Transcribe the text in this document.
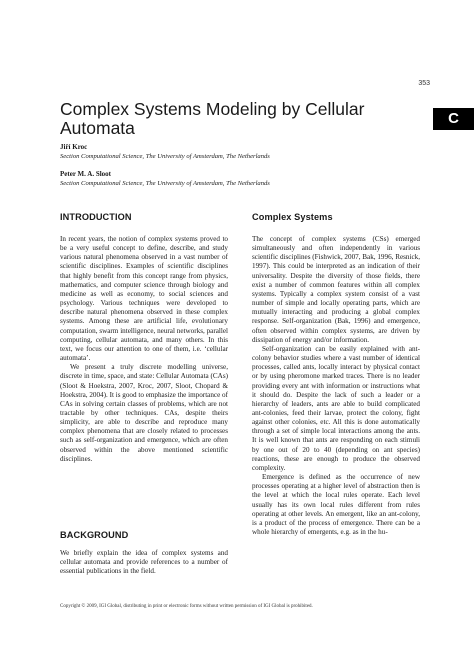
353
C
Complex Systems Modeling by Cellular Automata
Jiří Kroc
Section Computational Science, The University of Amsterdam, The Netherlands
Peter M. A. Sloot
Section Computational Science, The University of Amsterdam, The Netherlands
INTRODUCTION

In recent years, the notion of complex systems proved to be a very useful concept to define, describe, and study various natural phenomena observed in a vast number of scientific disciplines. Examples of scientific disciplines that highly benefit from this concept range from physics, mathematics, and computer science through biology and medicine as well as economy, to social sciences and psychology. Various techniques were developed to describe natural phenomena observed in these complex systems. Among these are artificial life, evolutionary computation, swarm intelligence, neural networks, parallel computing, cellular automata, and many others. In this text, we focus our attention to one of them, i.e. ‘cellular automata’.

We present a truly discrete modelling universe, discrete in time, space, and state: Cellular Automata (CAs) (Sloot & Hoekstra, 2007, Kroc, 2007, Sloot, Chopard & Hoekstra, 2004). It is good to emphasize the importance of CAs in solving certain classes of problems, which are not tractable by other techniques. CAs, despite theirs simplicity, are able to describe and reproduce many complex phenomena that are closely related to processes such as self-organization and emergence, which are often observed within the above mentioned scientific disciplines.

BACKGROUND

We briefly explain the idea of complex systems and cellular automata and provide references to a number of essential publications in the field.

Complex Systems

The concept of complex systems (CSs) emerged simultaneously and often independently in various scientific disciplines (Fishwick, 2007, Bak, 1996, Resnick, 1997). This could be interpreted as an indication of their universality. Despite the diversity of those fields, there exist a number of common features within all complex systems. Typically a complex system consist of a vast number of simple and locally operating parts, which are mutually interacting and producing a global complex response. Self-organization (Bak, 1996) and emergence, often observed within complex systems, are driven by dissipation of energy and/or information.

Self-organization can be easily explained with ant-colony behavior studies where a vast number of identical processes, called ants, locally interact by physical contact or by using pheromone marked traces. There is no leader providing every ant with information or instructions what it should do. Despite the lack of such a leader or a hierarchy of leaders, ants are able to build complicated ant-colonies, feed their larvae, protect the colony, fight against other colonies, etc. All this is done automatically through a set of simple local interactions among the ants. It is well known that ants are responding on each stimuli by one out of 20 to 40 (depending on ant species) reactions, these are enough to produce the observed complexity.

Emergence is defined as the occurrence of new processes operating at a higher level of abstraction then is the level at which the local rules operate. Each level usually has its own local rules different from rules operating at other levels. An emergent, like an ant-colony, is a product of the process of emergence. There can be a whole hierarchy of emergents, e.g. as in the hu-

Copyright © 2009, IGI Global, distributing in print or electronic forms without written permission of IGI Global is prohibited.
